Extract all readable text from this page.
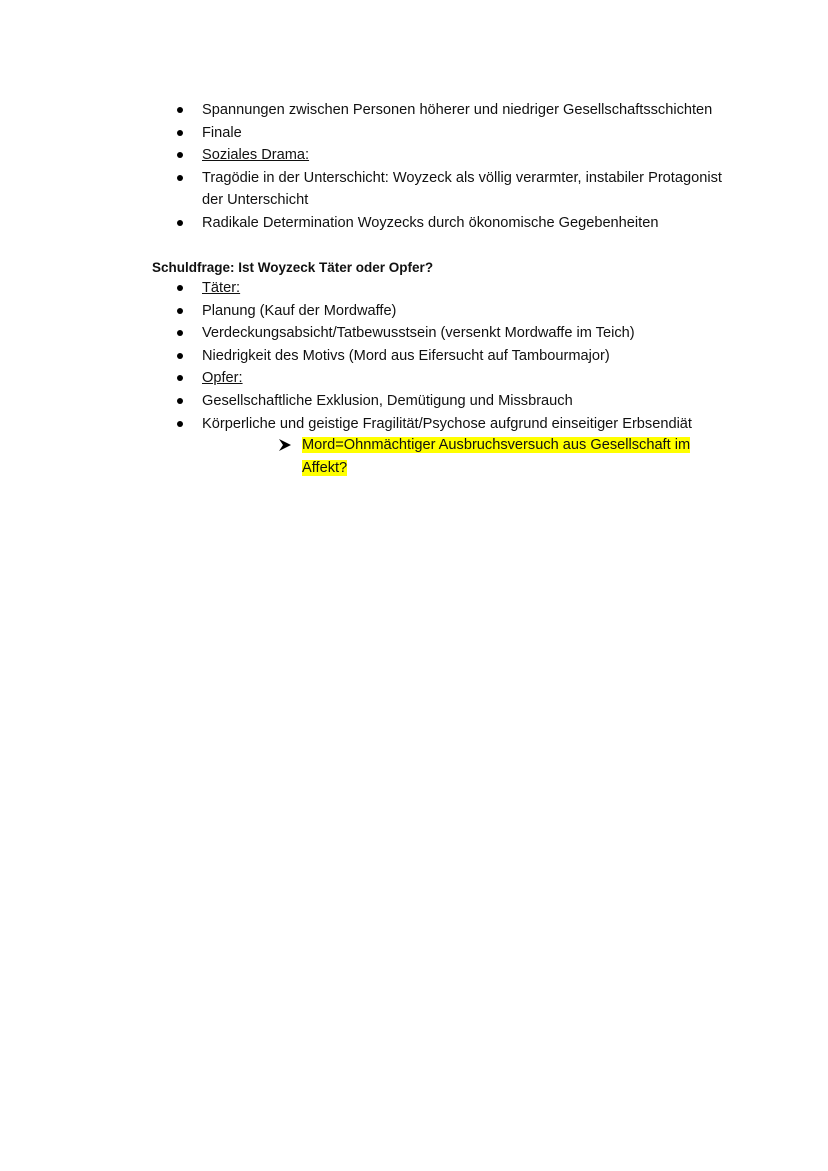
Spannungen zwischen Personen höherer und niedriger Gesellschaftsschichten
Finale
Soziales Drama:
Tragödie in der Unterschicht: Woyzeck als völlig verarmter, instabiler Protagonist der Unterschicht
Radikale Determination Woyzecks durch ökonomische Gegebenheiten

Schuldfrage: Ist Woyzeck Täter oder Opfer?

Täter:
Planung (Kauf der Mordwaffe)
Verdeckungsabsicht/Tatbewusstsein (versenkt Mordwaffe im Teich)
Niedrigkeit des Motivs (Mord aus Eifersucht auf Tambourmajor)
Opfer:
Gesellschaftliche Exklusion, Demütigung und Missbrauch
Körperliche und geistige Fragilität/Psychose aufgrund einseitiger Erbsendiät
Mord=Ohnmächtiger Ausbruchsversuch aus Gesellschaft im
Affekt?
